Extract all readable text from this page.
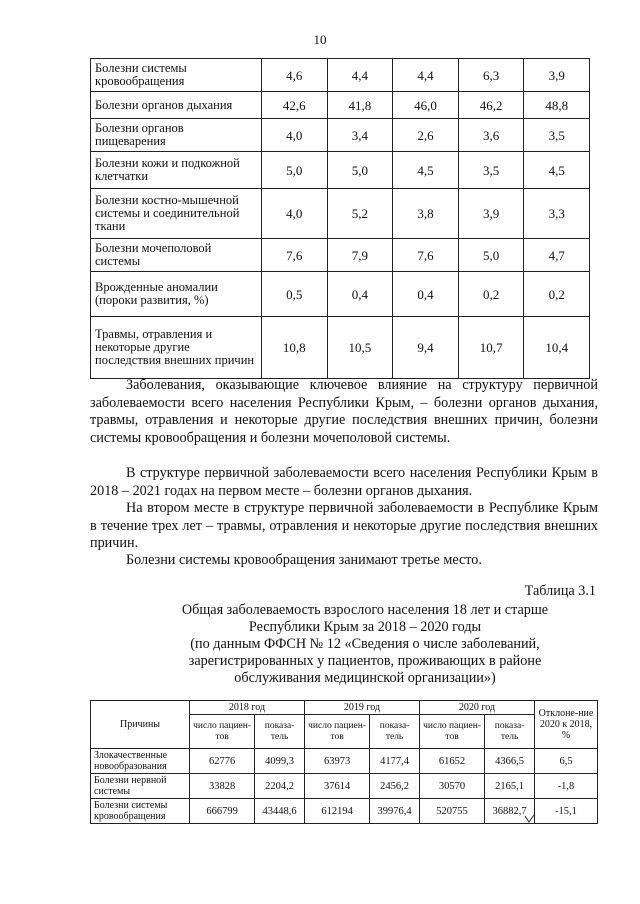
10
Болезни системы кровообращения	4,6	4,4	4,4	6,3	3,9
Болезни органов дыхания	42,6	41,8	46,0	46,2	48,8
Болезни органов пищеварения	4,0	3,4	2,6	3,6	3,5
Болезни кожи и подкожной клетчатки	5,0	5,0	4,5	3,5	4,5
Болезни костно-мышечной системы и соединительной ткани	4,0	5,2	3,8	3,9	3,3
Болезни мочеполовой системы	7,6	7,9	7,6	5,0	4,7
Врожденные аномалии (пороки развития, %)	0,5	0,4	0,4	0,2	0,2
Травмы, отравления и некоторые другие последствия внешних причин	10,8	10,5	9,4	10,7	10,4

Заболевания, оказывающие ключевое влияние на структуру первичной заболеваемости всего населения Республики Крым, – болезни органов дыхания, травмы, отравления и некоторые другие последствия внешних причин, болезни системы кровообращения и болезни мочеполовой системы.

В структуре первичной заболеваемости всего населения Республики Крым в 2018 – 2021 годах на первом месте – болезни органов дыхания.

На втором месте в структуре первичной заболеваемости в Республике Крым в течение трех лет – травмы, отравления и некоторые другие последствия внешних причин.

Болезни системы кровообращения занимают третье место.

Таблица 3.1
Общая заболеваемость взрослого населения 18 лет и старше
Республики Крым за 2018 – 2020 годы
(по данным ФФСН № 12 «Сведения о числе заболеваний,
зарегистрированных у пациентов, проживающих в районе
обслуживания медицинской организации»)
Причины	2018 год		2019 год		2020 год		Отклоне-ние 2020 к 2018, %
	число пациен-тов	показа-тель	число пациен-тов	показа-тель	число пациен-тов	показа-тель	
Злокачественные новообразования	62776	4099,3	63973	4177,4	61652	4366,5	6,5
Болезни нервной системы	33828	2204,2	37614	2456,2	30570	2165,1	-1,8
Болезни системы кровообращения	666799	43448,6	612194	39976,4	520755	36882,7	-15,1
